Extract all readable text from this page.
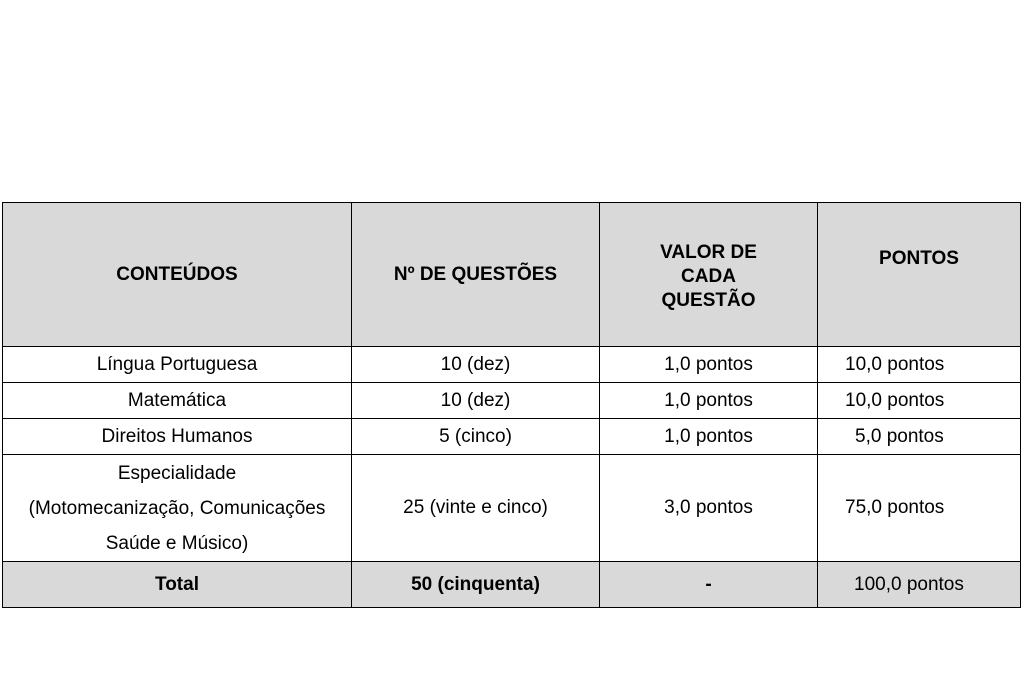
CONTEÚDOS	Nº DE QUESTÕES	VALOR DE
CADA
QUESTÃO	PONTOS
Língua Portuguesa	10 (dez)	1,0 pontos	10,0 pontos
Matemática	10 (dez)	1,0 pontos	10,0 pontos
Direitos Humanos	5 (cinco)	1,0 pontos	5,0 pontos

Especialidade
(Motomecanização, Comunicações
Saúde e Músico)	25 (vinte e cinco)	3,0 pontos	75,0 pontos
Total	50 (cinquenta)	-	100,0 pontos
